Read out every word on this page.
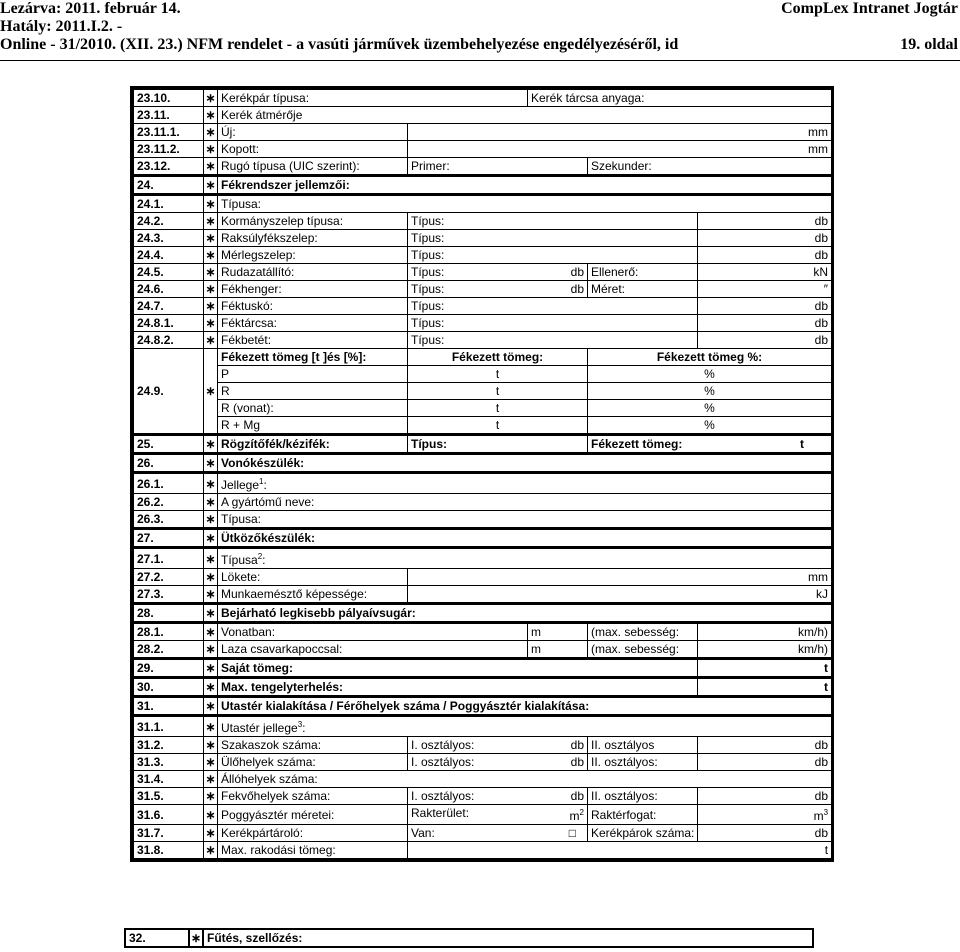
Lezárva: 2011. február 14.	CompLex Intranet Jogtár
Hatály: 2011.I.2. -
Online - 31/2010. (XII. 23.) NFM rendelet - a vasúti járművek üzembehelyezése engedélyezéséről, id	19. oldal
23.10.	∗	Kerékpár típusa:		Kerék tárcsa anyaga:		
23.11.	∗	Kerék átmérője				
23.11.1.	∗	Új:	mm			
23.11.2.	∗	Kopott:	mm			
23.12.	∗	Rugó típusa (UIC szerint):	Primer:		Szekunder:	
24.	∗	Fékrendszer jellemzői:				
24.1.	∗	Típusa:				
24.2.	∗	Kormányszelep típusa:	Típus:			db
24.3.	∗	Raksúlyfékszelep:	Típus:			db
24.4.	∗	Mérlegszelep:	Típus:			db
24.5.	∗	Rudazatállító:	Típus: db		Ellenerő:	kN
24.6.	∗	Fékhenger:	Típus: db		Méret:	″
24.7.	∗	Féktuskó:	Típus:			db
24.8.1.	∗	Féktárcsa:	Típus:			db
24.8.2.	∗	Fékbetét:	Típus:			db
24.9.	∗	Fékezett tömeg [t ]és [%]:	Fékezett tömeg:		Fékezett tömeg %:	
		P	t		%	
		R	t		%	
		R (vonat):	t		%	
		R + Mg	t		%	
25.	∗	Rögzítőfék/kézifék:	Típus:		Fékezett tömeg: t	

26.	∗	Vonókészülék:				
26.1.	∗	Jellege$^1$:				
26.2.	∗	A gyártómű neve:				
26.3.	∗	Típusa:				
27.	∗	Ütközőkészülék:				
27.1.	∗	Típusa$^2$:				
27.2.	∗	Lökete:	mm			
27.3.	∗	Munkaemésztő képessége:	kJ			
28.	∗	Bejárható legkisebb pályaívsugár:				
28.1.	∗	Vonatban:		m	(max. sebesség:	km/h)
28.2.	∗	Laza csavarkapoccsal:		m	(max. sebesség:	km/h)
29.	∗	Saját tömeg:				t
30.	∗	Max. tengelyterhelés:				t
31.	∗	Utastér kialakítása / Férőhelyek száma / Poggyásztér kialakítása:				
31.1.	∗	Utastér jellege$^3$:				
31.2.	∗	Szakaszok száma:	I. osztályos: db		II. osztályos	db
31.3.	∗	Ülőhelyek száma:	I. osztályos: db		II. osztályos:	db
31.4.	∗	Állóhelyek száma:				
31.5.	∗	Fekvőhelyek száma:	I. osztályos: db		II. osztályos:	db
31.6.	∗	Poggyásztér méretei:	Rakterület: $m^2$		Raktérfogat:	$m^3$
31.7.	∗	Kerékpártároló:	Van: □		Kerékpárok száma:	db
31.8.	∗	Max. rakodási tömeg:	t			
32.	∗	Fűtés, szellőzés:
